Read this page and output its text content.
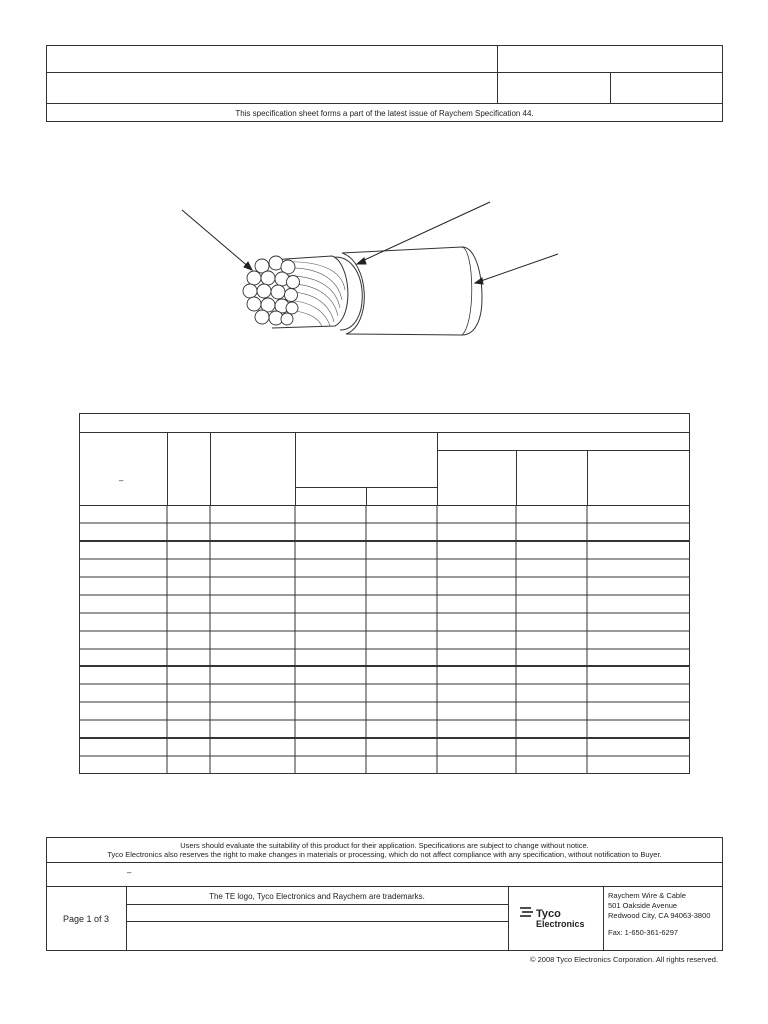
This specification sheet forms a part of the latest issue of Raychem Specification 44.
–
Users should evaluate the suitability of this product for their application. Specifications are subject to change without notice.
Tyco Electronics also reserves the right to make changes in materials or processing, which do not affect compliance with any specification, without notification to Buyer.
–
Page 1 of 3
The TE logo, Tyco Electronics and Raychem are trademarks.
Tyco
Electronics
Raychem Wire & Cable
501 Oakside Avenue
Redwood City, CA 94063-3800
Fax: 1-650-361-6297
© 2008 Tyco Electronics Corporation. All rights reserved.
